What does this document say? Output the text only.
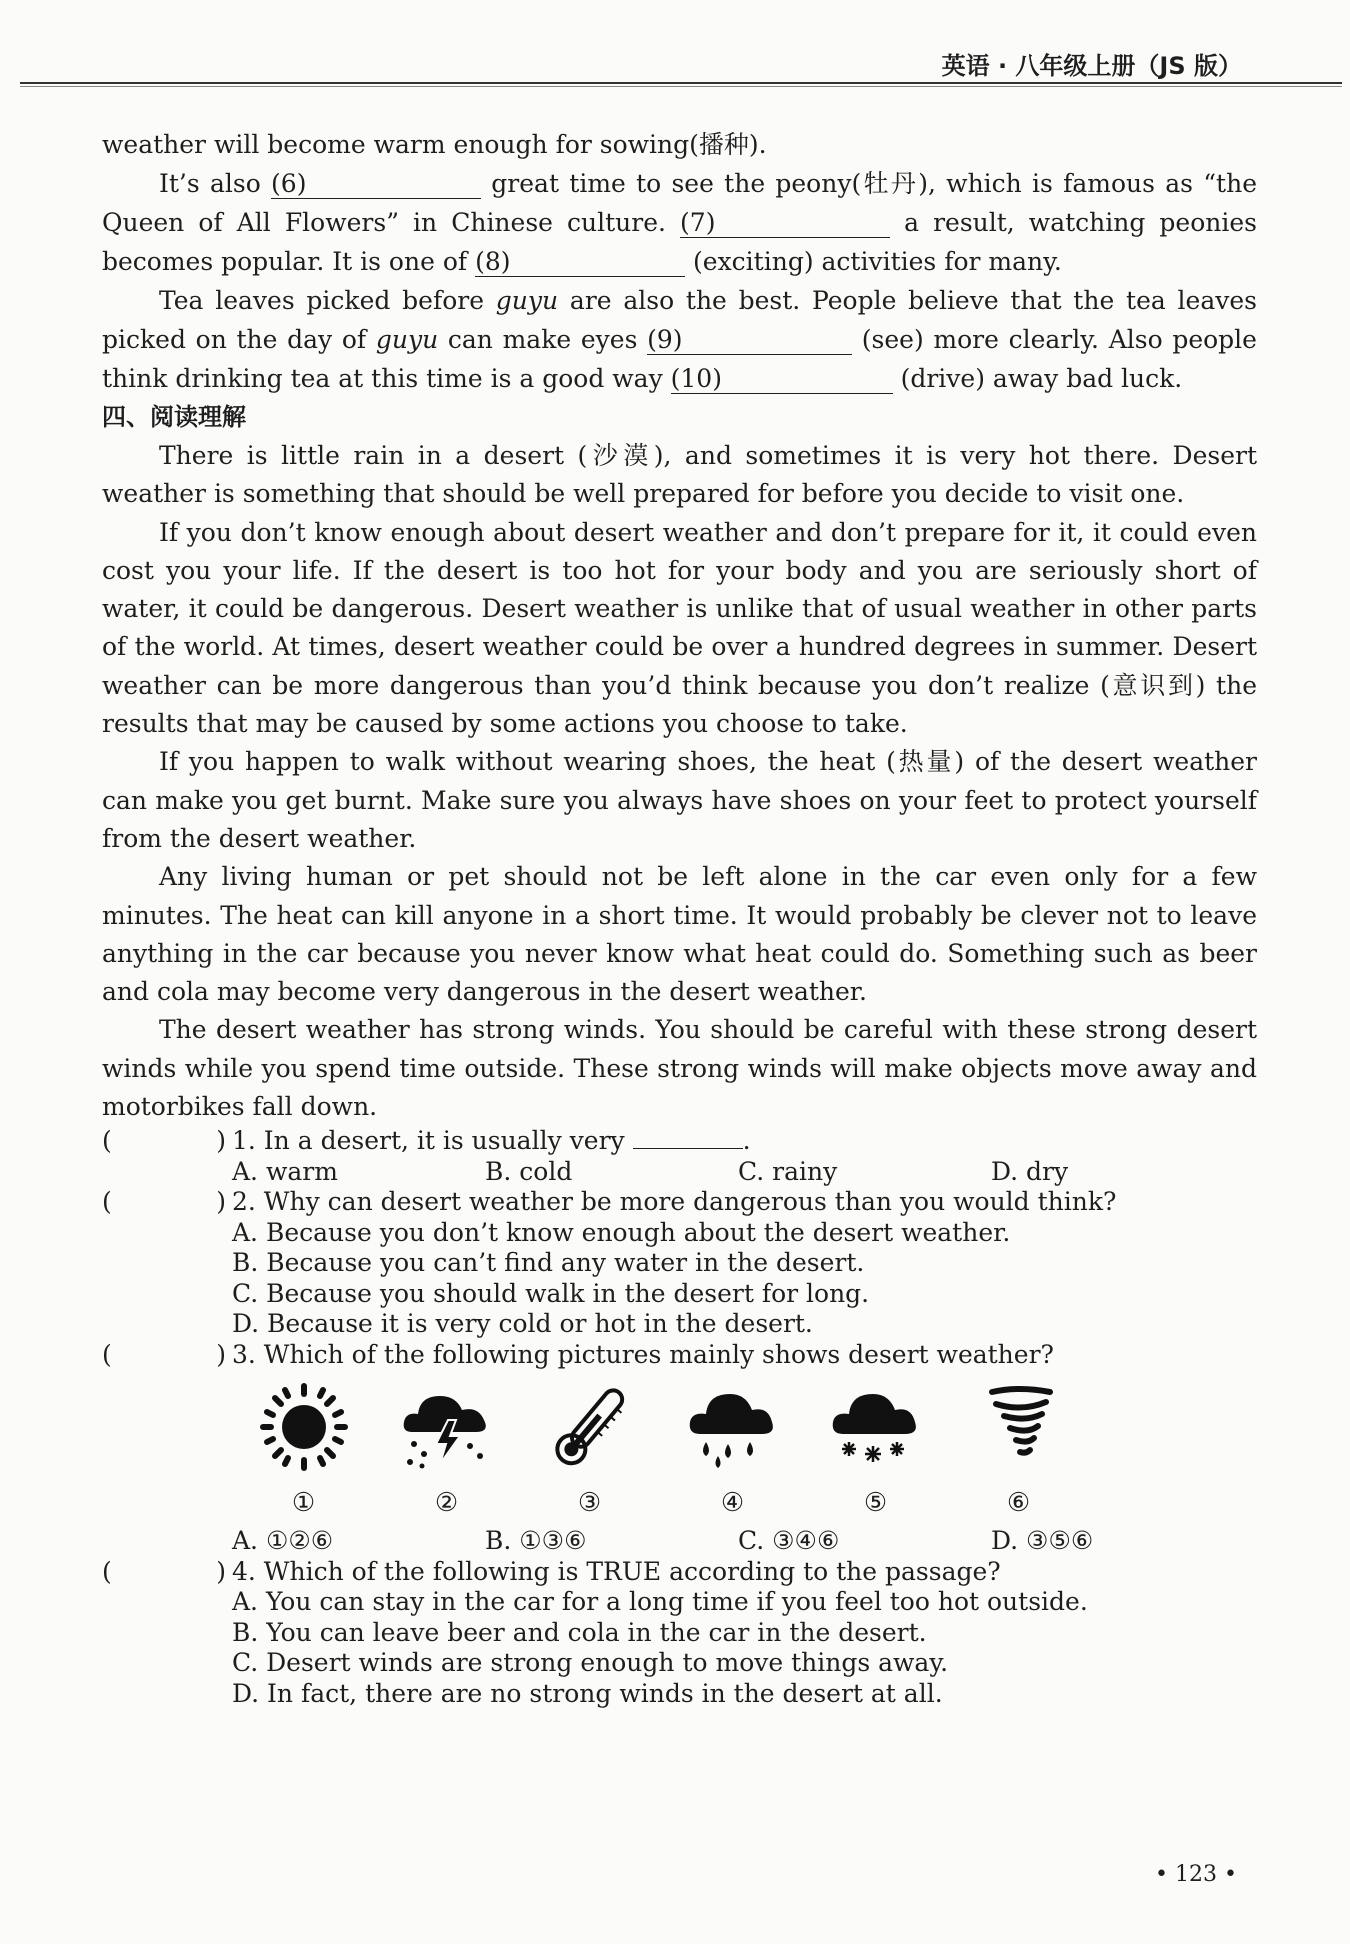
英语 · 八年级上册（JS 版）

weather will become warm enough for sowing(播种).

It’s also (6)	great time to see the peony(牡丹), which is famous as “the Queen of All Flowers” in Chinese culture. (7)	a result, watching peonies becomes popular. It is one of (8)	(exciting) activities for many.

Tea leaves picked before guyu are also the best. People believe that the tea leaves picked on the day of guyu can make eyes (9)	(see) more clearly. Also people think drinking tea at this time is a good way (10)	(drive) away bad luck.

四、阅读理解

There is little rain in a desert (沙漠), and sometimes it is very hot there. Desert weather is something that should be well prepared for before you decide to visit one.

If you don’t know enough about desert weather and don’t prepare for it, it could even cost you your life. If the desert is too hot for your body and you are seriously short of water, it could be dangerous. Desert weather is unlike that of usual weather in other parts of the world. At times, desert weather could be over a hundred degrees in summer. Desert weather can be more dangerous than you’d think because you don’t realize (意识到) the results that may be caused by some actions you choose to take.

If you happen to walk without wearing shoes, the heat (热量) of the desert weather can make you get burnt. Make sure you always have shoes on your feet to protect yourself from the desert weather.

Any living human or pet should not be left alone in the car even only for a few minutes. The heat can kill anyone in a short time. It would probably be clever not to leave anything in the car because you never know what heat could do. Something such as beer and cola may become very dangerous in the desert weather.

The desert weather has strong winds. You should be careful with these strong desert winds while you spend time outside. These strong winds will make objects move away and motorbikes fall down.

(	) 1. In a desert, it is usually very	.
A. warm	B. cold	C. rainy	D. dry
(	) 2. Why can desert weather be more dangerous than you would think?
A. Because you don’t know enough about the desert weather.
B. Because you can’t find any water in the desert.
C. Because you should walk in the desert for long.
D. Because it is very cold or hot in the desert.
(	) 3. Which of the following pictures mainly shows desert weather?
①	②	③	④	⑤	⑥
A. ①②⑥	B. ①③⑥	C. ③④⑥	D. ③⑤⑥
(	) 4. Which of the following is TRUE according to the passage?
A. You can stay in the car for a long time if you feel too hot outside.
B. You can leave beer and cola in the car in the desert.
C. Desert winds are strong enough to move things away.
D. In fact, there are no strong winds in the desert at all.
• 123 •
